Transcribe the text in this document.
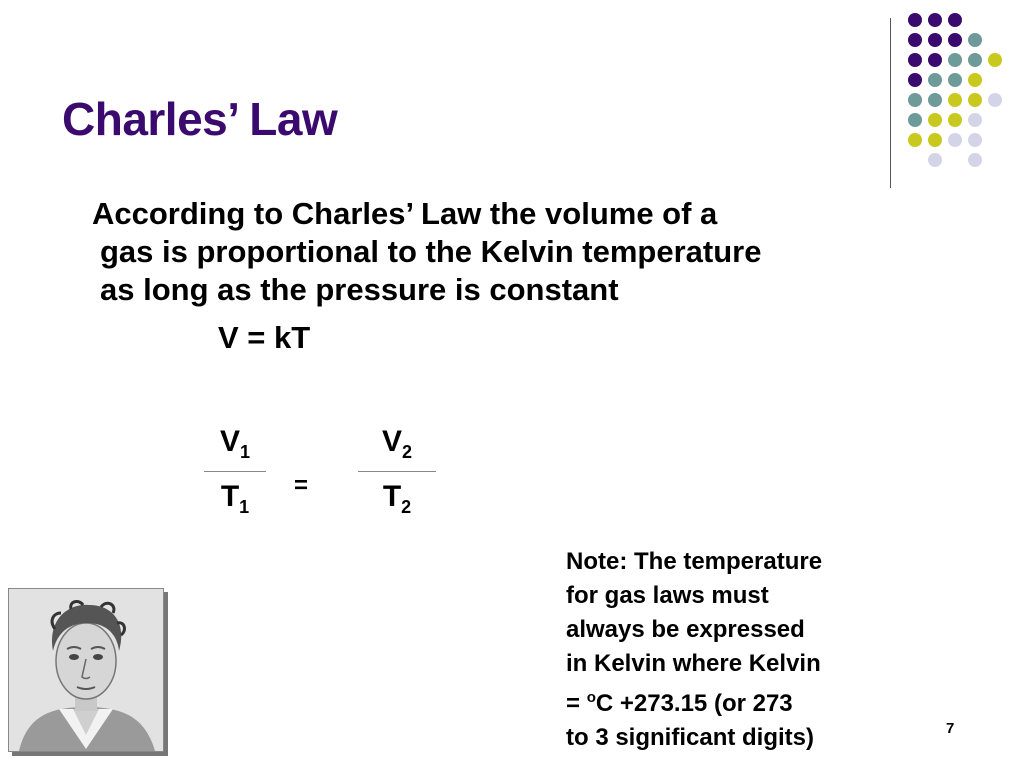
Charles’ Law
According to Charles’ Law the volume of a
gas is proportional to the Kelvin temperature
as long as the pressure is constant
V = kT
$V_1$
$T_1$
=
$V_2$
$T_2$
Note: The temperature
for gas laws must
always be expressed
in Kelvin where Kelvin
= $^o$C +273.15 (or 273
to 3 significant digits)	7
